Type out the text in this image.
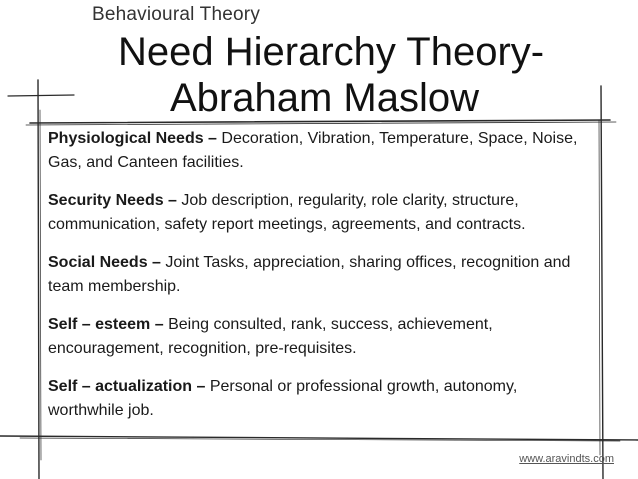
Behavioural Theory
Need Hierarchy Theory-
Abraham Maslow

Physiological Needs – Decoration, Vibration, Temperature, Space, Noise, Gas, and Canteen facilities.

Security Needs – Job description, regularity, role clarity, structure, communication, safety report meetings, agreements, and contracts.

Social Needs – Joint Tasks, appreciation, sharing offices, recognition and team membership.

Self – esteem – Being consulted, rank, success, achievement, encouragement, recognition, pre-requisites.

Self – actualization – Personal or professional growth, autonomy, worthwhile job.

www.aravindts.com
